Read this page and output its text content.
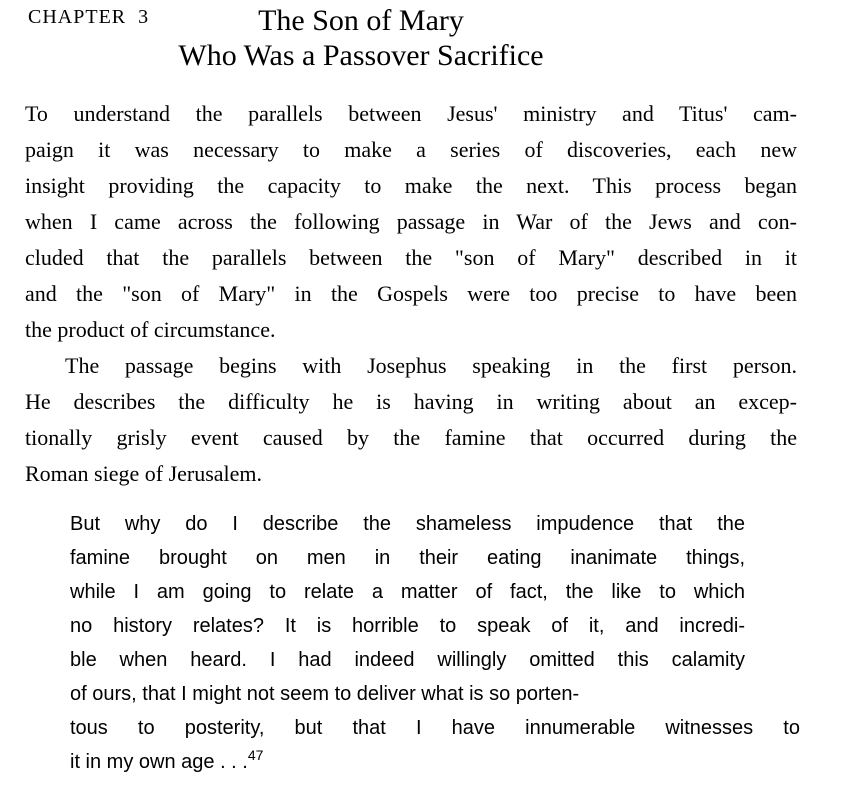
CHAPTER  3	The Son of Mary
Who Was a Passover Sacrifice

To understand the parallels between Jesus' ministry and Titus' cam-
paign it was necessary to make a series of discoveries, each new
insight providing the capacity to make the next. This process began
when I came across the following passage in War of the Jews and con-
cluded that the parallels between the "son of Mary" described in it
and the "son of Mary" in the Gospels were too precise to have been
the product of circumstance.

The passage begins with Josephus speaking in the first person.
He describes the difficulty he is having in writing about an excep-
tionally grisly event caused by the famine that occurred during the
Roman siege of Jerusalem.

But why do I describe the shameless impudence that the
famine brought on men in their eating inanimate things,
while I am going to relate a matter of fact, the like to which
no history relates? It is horrible to speak of it, and incredi-
ble when heard. I had indeed willingly omitted this calamity
of ours, that I might not seem to deliver what is so porten-
tous to posterity, but that I have innumerable witnesses to
it in my own age . . .$^{47}$
